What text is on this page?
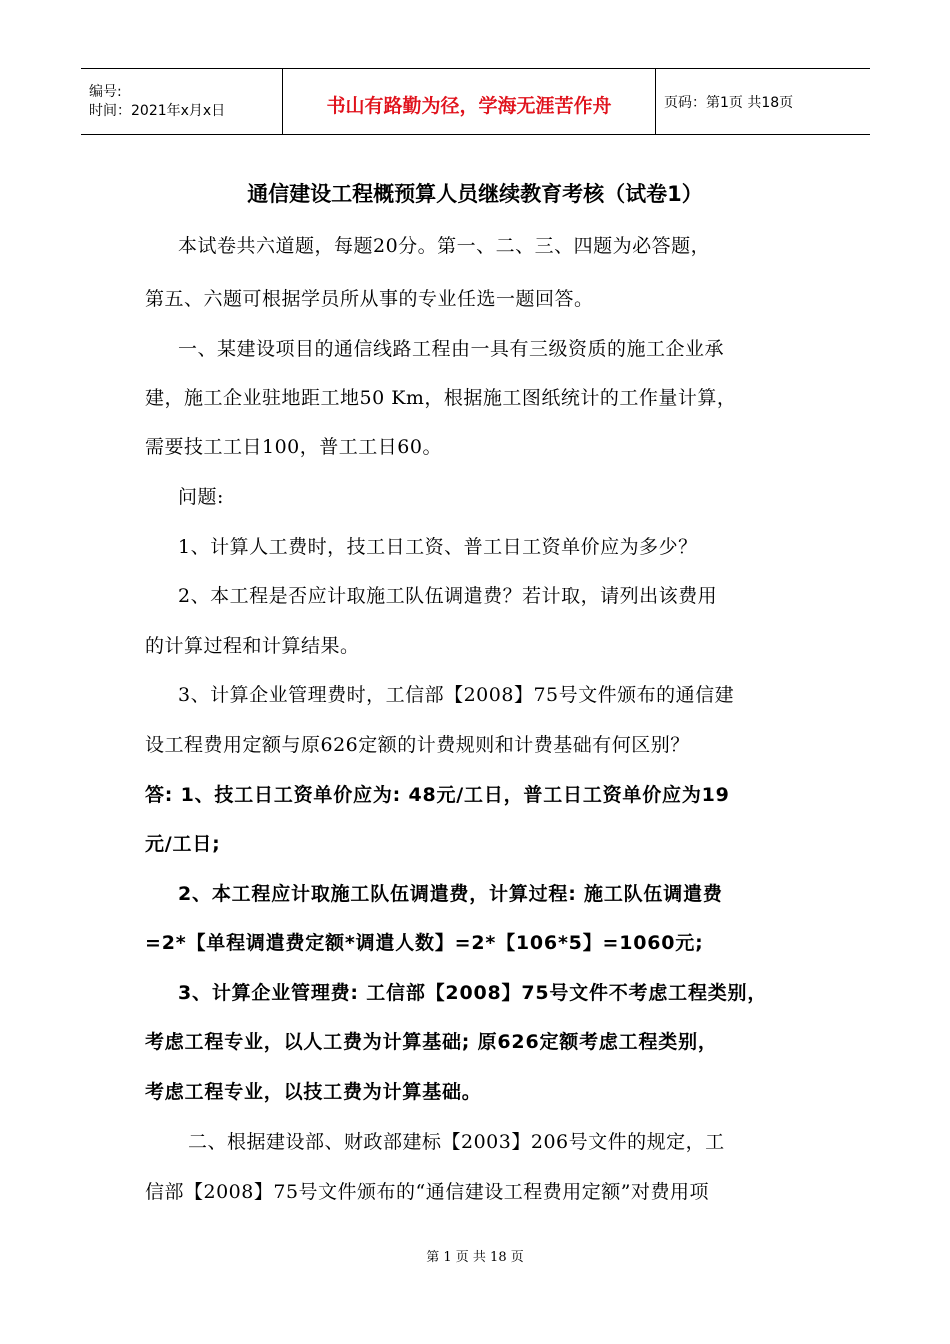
编号:
时间：2021年x月x日	书山有路勤为径，学海无涯苦作舟	页码：第1页 共18页
通信建设工程概预算人员继续教育考核（试卷1）
本试卷共六道题，每题20分。第一、二、三、四题为必答题，
第五、六题可根据学员所从事的专业任选一题回答。
一、某建设项目的通信线路工程由一具有三级资质的施工企业承
建，施工企业驻地距工地50 Km，根据施工图纸统计的工作量计算，
需要技工工日100，普工工日60。
问题:
1、计算人工费时，技工日工资、普工日工资单价应为多少？
2、本工程是否应计取施工队伍调遣费？若计取，请列出该费用
的计算过程和计算结果。
3、计算企业管理费时，工信部【2008】75号文件颁布的通信建
设工程费用定额与原626定额的计费规则和计费基础有何区别？
答: 1、技工日工资单价应为: 48元/工日，普工日工资单价应为19
元/工日;
2、本工程应计取施工队伍调遣费，计算过程: 施工队伍调遣费
=2*【单程调遣费定额*调遣人数】=2*【106*5】=1060元;
3、计算企业管理费: 工信部【2008】75号文件不考虑工程类别，
考虑工程专业，以人工费为计算基础; 原626定额考虑工程类别，
考虑工程专业，以技工费为计算基础。
二、根据建设部、财政部建标【2003】206号文件的规定，工
信部【2008】75号文件颁布的“通信建设工程费用定额”对费用项
第 1 页 共 18 页
